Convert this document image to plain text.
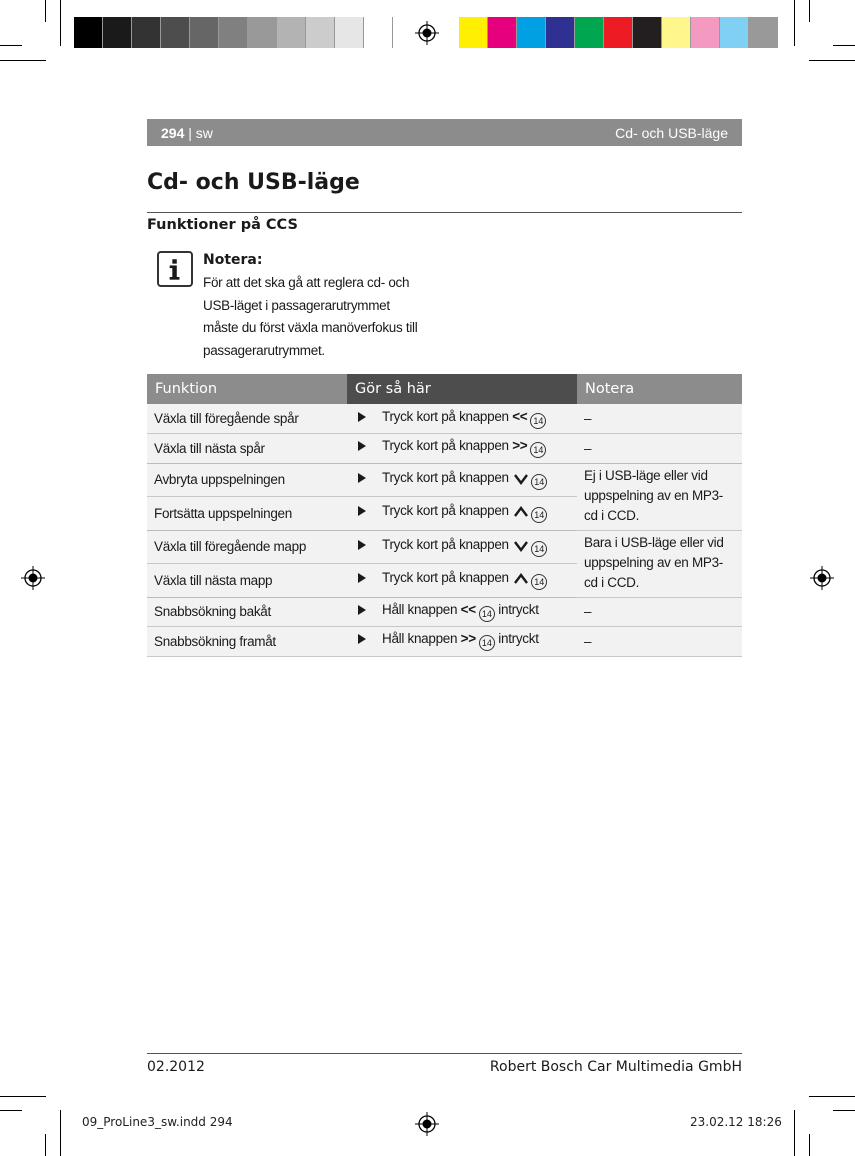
294 | sw	Cd- och USB-läge
Cd- och USB-läge
Funktioner på CCS
Notera:
För att det ska gå att reglera cd- och
USB-läget i passagerarutrymmet
måste du först växla manöverfokus till
passagerarutrymmet.
Funktion	Gör så här	Notera
Växla till föregående spår	Tryck kort på knappen << 14	–
Växla till nästa spår	Tryck kort på knappen >> 14	–
Avbryta uppspelningen	Tryck kort på knappen 14	Ej i USB-läge eller vid uppspelning av en MP3-cd i CCD.
Fortsätta uppspelningen	Tryck kort på knappen 14	
Växla till föregående mapp	Tryck kort på knappen 14	Bara i USB-läge eller vid uppspelning av en MP3-cd i CCD.
Växla till nästa mapp	Tryck kort på knappen 14	
Snabbsökning bakåt	Håll knappen << 14 intryckt	–
Snabbsökning framåt	Håll knappen >> 14 intryckt	–
02.2012	Robert Bosch Car Multimedia GmbH
09_ProLine3_sw.indd 294	23.02.12 18:26
